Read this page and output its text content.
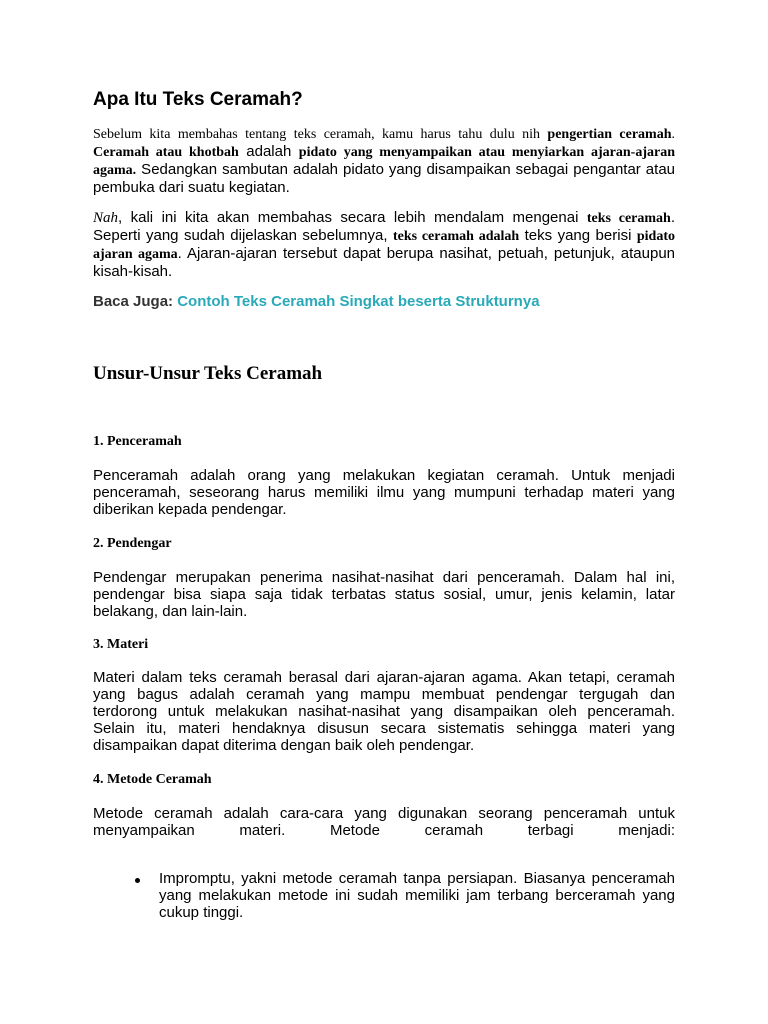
Apa Itu Teks Ceramah?
Sebelum kita membahas tentang teks ceramah, kamu harus tahu dulu nih pengertian ceramah. Ceramah atau khotbah adalah pidato yang menyampaikan atau menyiarkan ajaran-ajaran agama. Sedangkan sambutan adalah pidato yang disampaikan sebagai pengantar atau pembuka dari suatu kegiatan.
Nah, kali ini kita akan membahas secara lebih mendalam mengenai teks ceramah. Seperti yang sudah dijelaskan sebelumnya, teks ceramah adalah teks yang berisi pidato ajaran agama. Ajaran-ajaran tersebut dapat berupa nasihat, petuah, petunjuk, ataupun kisah-kisah.
Baca Juga: Contoh Teks Ceramah Singkat beserta Strukturnya
Unsur-Unsur Teks Ceramah
1. Penceramah
Penceramah adalah orang yang melakukan kegiatan ceramah. Untuk menjadi penceramah, seseorang harus memiliki ilmu yang mumpuni terhadap materi yang diberikan kepada pendengar.
2. Pendengar
Pendengar merupakan penerima nasihat-nasihat dari penceramah. Dalam hal ini, pendengar bisa siapa saja tidak terbatas status sosial, umur, jenis kelamin, latar belakang, dan lain-lain.
3. Materi
Materi dalam teks ceramah berasal dari ajaran-ajaran agama. Akan tetapi, ceramah yang bagus adalah ceramah yang mampu membuat pendengar tergugah dan terdorong untuk melakukan nasihat-nasihat yang disampaikan oleh penceramah. Selain itu, materi hendaknya disusun secara sistematis sehingga materi yang disampaikan dapat diterima dengan baik oleh pendengar.
4. Metode Ceramah
Metode ceramah adalah cara-cara yang digunakan seorang penceramah untuk menyampaikan materi. Metode ceramah terbagi menjadi:
Impromptu, yakni metode ceramah tanpa persiapan. Biasanya penceramah yang melakukan metode ini sudah memiliki jam terbang berceramah yang cukup tinggi.
